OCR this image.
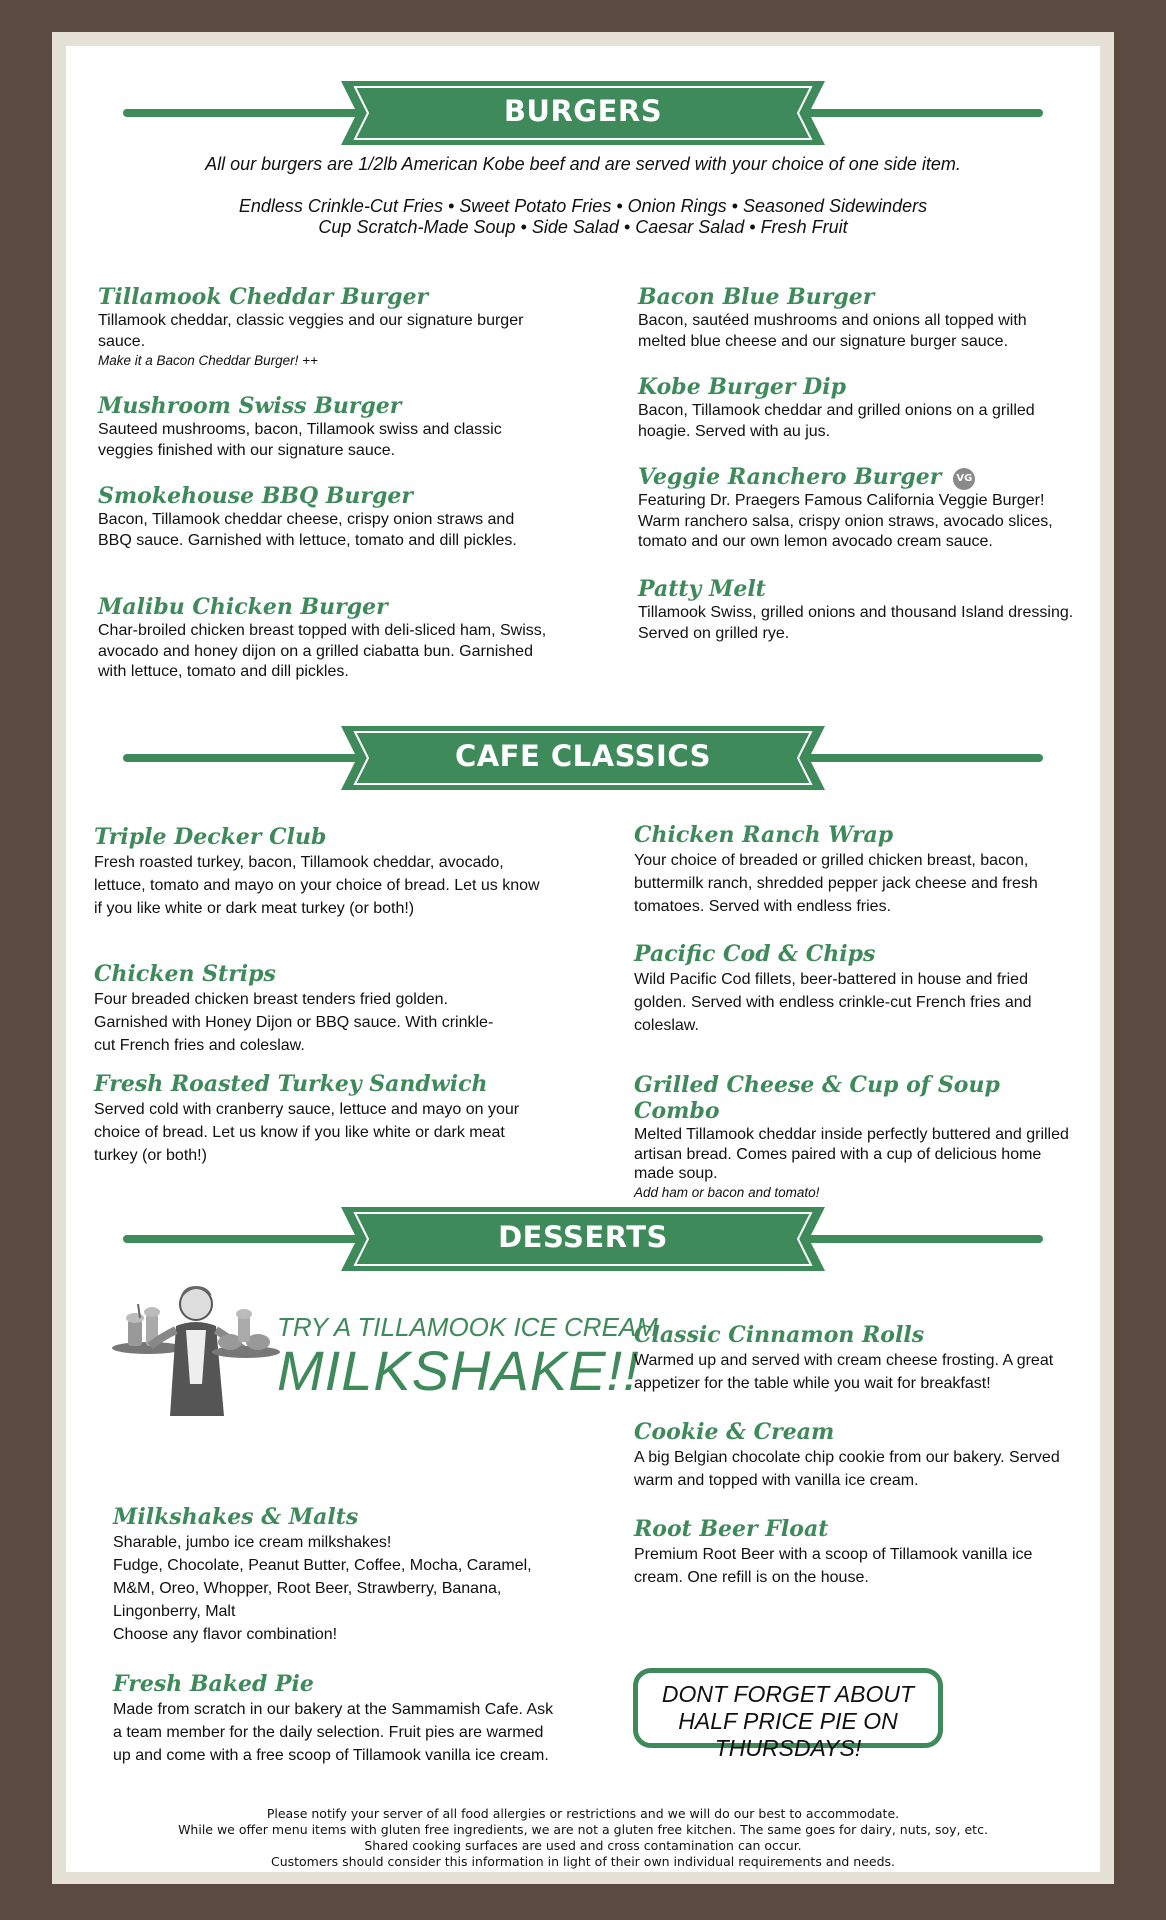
BURGERS
All our burgers are 1/2lb American Kobe beef and are served with your choice of one side item.
Endless Crinkle-Cut Fries • Sweet Potato Fries • Onion Rings • Seasoned Sidewinders
Cup Scratch-Made Soup • Side Salad • Caesar Salad • Fresh Fruit
Tillamook Cheddar Burger
Tillamook cheddar, classic veggies and our signature burger sauce.
Make it a Bacon Cheddar Burger! ++
Mushroom Swiss Burger
Sauteed mushrooms, bacon, Tillamook swiss and classic veggies finished with our signature sauce.
Smokehouse BBQ Burger
Bacon, Tillamook cheddar cheese, crispy onion straws and BBQ sauce. Garnished with lettuce, tomato and dill pickles.
Malibu Chicken Burger
Char-broiled chicken breast topped with deli-sliced ham, Swiss, avocado and honey dijon on a grilled ciabatta bun. Garnished with lettuce, tomato and dill pickles.
Bacon Blue Burger
Bacon, sautéed mushrooms and onions all topped with melted blue cheese and our signature burger sauce.
Kobe Burger Dip
Bacon, Tillamook cheddar and grilled onions on a grilled hoagie. Served with au jus.
Veggie Ranchero Burger VG
Featuring Dr. Praegers Famous California Veggie Burger! Warm ranchero salsa, crispy onion straws, avocado slices, tomato and our own lemon avocado cream sauce.
Patty Melt
Tillamook Swiss, grilled onions and thousand Island dressing. Served on grilled rye.
CAFE CLASSICS
Triple Decker Club
Fresh roasted turkey, bacon, Tillamook cheddar, avocado, lettuce, tomato and mayo on your choice of bread. Let us know if you like white or dark meat turkey (or both!)
Chicken Strips
Four breaded chicken breast tenders fried golden. Garnished with Honey Dijon or BBQ sauce. With crinkle-cut French fries and coleslaw.
Fresh Roasted Turkey Sandwich
Served cold with cranberry sauce, lettuce and mayo on your choice of bread. Let us know if you like white or dark meat turkey (or both!)
Chicken Ranch Wrap
Your choice of breaded or grilled chicken breast, bacon, buttermilk ranch, shredded pepper jack cheese and fresh tomatoes. Served with endless fries.
Pacific Cod & Chips
Wild Pacific Cod fillets, beer-battered in house and fried golden. Served with endless crinkle-cut French fries and coleslaw.
Grilled Cheese & Cup of Soup Combo
Melted Tillamook cheddar inside perfectly buttered and grilled artisan bread. Comes paired with a cup of delicious home made soup.
Add ham or bacon and tomato!
DESSERTS
TRY A TILLAMOOK ICE CREAM
MILKSHAKE!!
Milkshakes & Malts
Sharable, jumbo ice cream milkshakes!
Fudge, Chocolate, Peanut Butter, Coffee, Mocha, Caramel, M&M, Oreo, Whopper, Root Beer, Strawberry, Banana, Lingonberry, Malt
Choose any flavor combination!
Fresh Baked Pie
Made from scratch in our bakery at the Sammamish Cafe. Ask a team member for the daily selection. Fruit pies are warmed up and come with a free scoop of Tillamook vanilla ice cream.
Classic Cinnamon Rolls
Warmed up and served with cream cheese frosting. A great appetizer for the table while you wait for breakfast!
Cookie & Cream
A big Belgian chocolate chip cookie from our bakery. Served warm and topped with vanilla ice cream.
Root Beer Float
Premium Root Beer with a scoop of Tillamook vanilla ice cream. One refill is on the house.
DONT FORGET ABOUT HALF PRICE PIE ON THURSDAYS!
Please notify your server of all food allergies or restrictions and we will do our best to accommodate.
While we offer menu items with gluten free ingredients, we are not a gluten free kitchen. The same goes for dairy, nuts, soy, etc.
Shared cooking surfaces are used and cross contamination can occur.
Customers should consider this information in light of their own individual requirements and needs.
